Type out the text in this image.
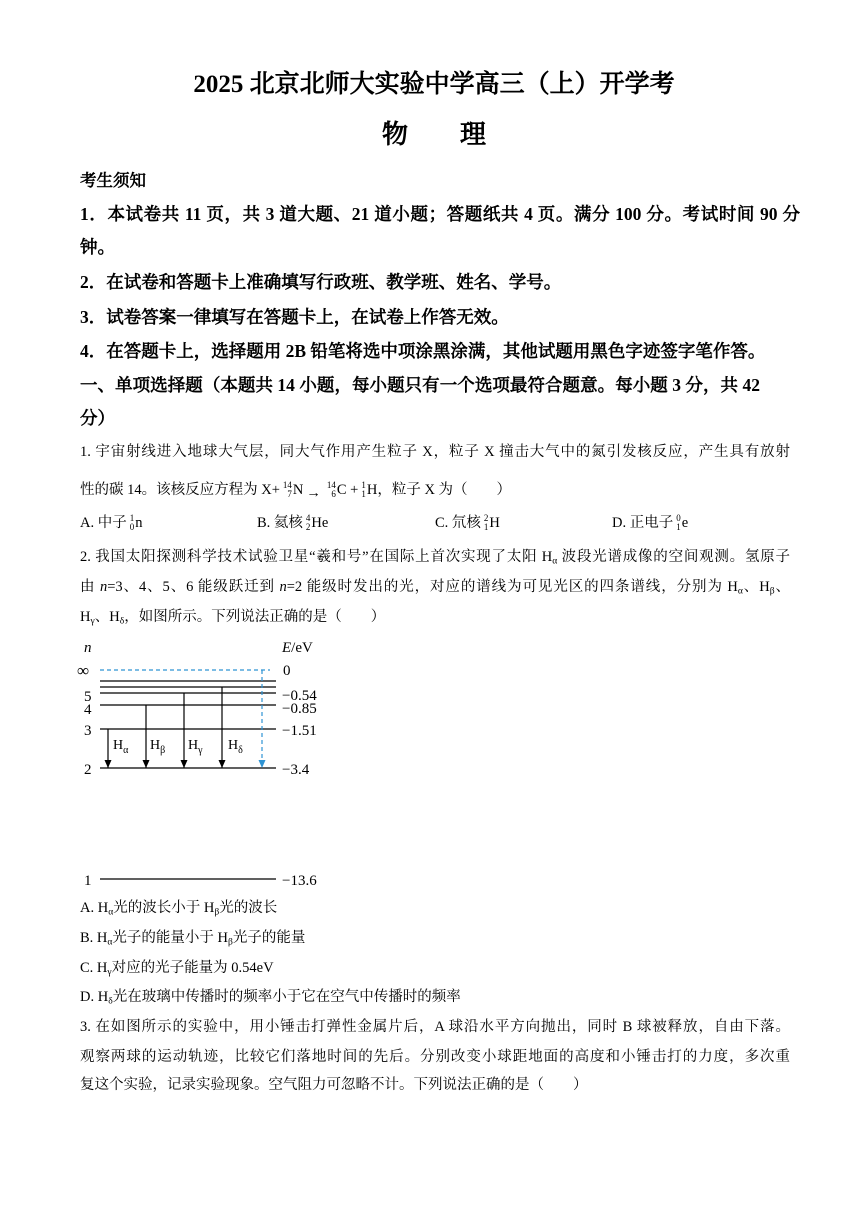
2025 北京北师大实验中学高三（上）开学考
物　　理
考生须知
1．本试卷共 11 页，共 3 道大题、21 道小题；答题纸共 4 页。满分 100 分。考试时间 90 分
钟。
2．在试卷和答题卡上准确填写行政班、教学班、姓名、学号。
3．试卷答案一律填写在答题卡上，在试卷上作答无效。
4．在答题卡上，选择题用 2B 铅笔将选中项涂黑涂满，其他试题用黑色字迹签字笔作答。
一、单项选择题（本题共 14 小题，每小题只有一个选项最符合题意。每小题 3 分，共 42
分）
1. 宇宙射线进入地球大气层，同大气作用产生粒子 X，粒子 X 撞击大气中的氮引发核反应，产生具有放射
性的碳 14。该核反应方程为 X+ 14
7 N → 14
6 C + 1
1 H，粒子 X 为（　　）
A. 中子 1
0 n	B. 氦核 4
2 He	C. 氘核 2
1 H	D. 正电子 0
1 e
2. 我国太阳探测科学技术试验卫星“羲和号”在国际上首次实现了太阳 $H_\alpha$ 波段光谱成像的空间观测。氢原子
由 n=3、4、5、6 能级跃迁到 n=2 能级时发出的光，对应的谱线为可见光区的四条谱线，分别为 $H_\alpha$、$H_\beta$、
$H_\gamma$、$H_\delta$，如图所示。下列说法正确的是（　　）
n	E/eV
∞	0
5
4
3
2
1
−0.54
−0.85
−1.51
−3.4
−13.6
$H_\alpha$ $H_\beta$ $H_\gamma$ $H_\delta$
A. $H_\alpha$光的波长小于 $H_\beta$光的波长
B. $H_\alpha$光子的能量小于 $H_\beta$光子的能量
C. $H_\gamma$对应的光子能量为 0.54eV
D. $H_\delta$光在玻璃中传播时的频率小于它在空气中传播时的频率
3. 在如图所示的实验中，用小锤击打弹性金属片后，A 球沿水平方向抛出，同时 B 球被释放，自由下落。
观察两球的运动轨迹，比较它们落地时间的先后。分别改变小球距地面的高度和小锤击打的力度，多次重
复这个实验，记录实验现象。空气阻力可忽略不计。下列说法正确的是（　　）
